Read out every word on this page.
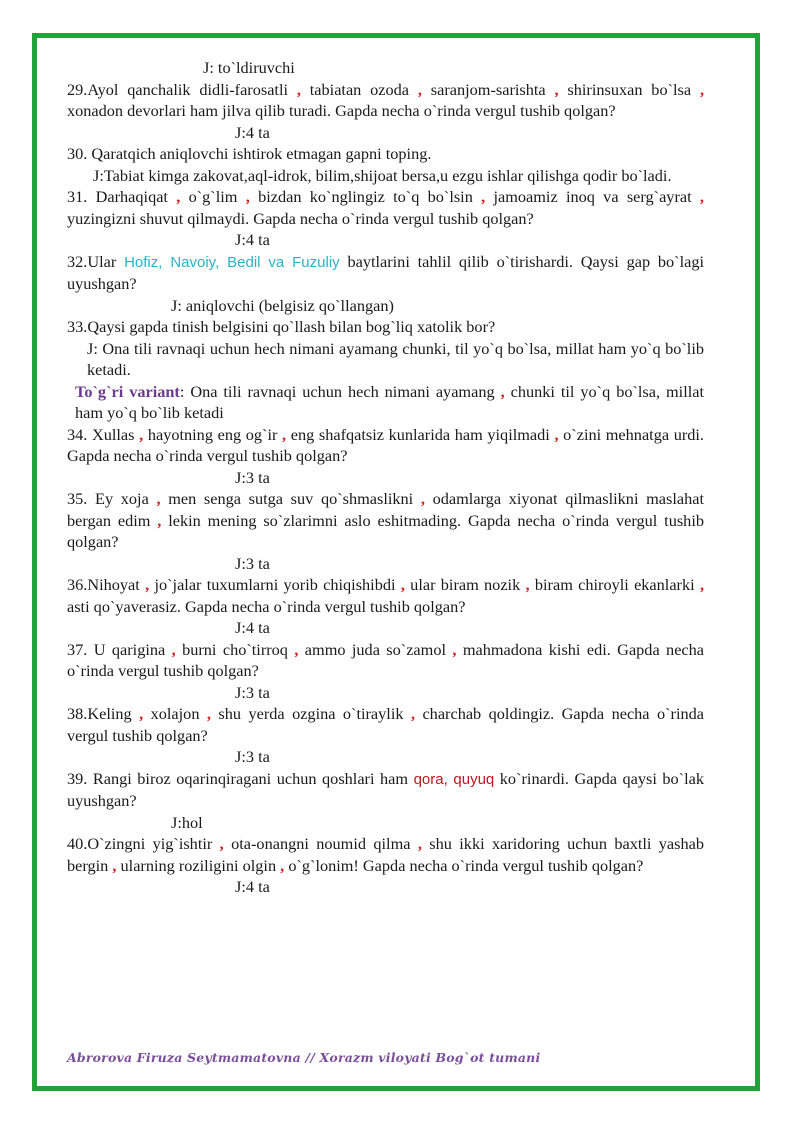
J: to`ldiruvchi

29.Ayol qanchalik didli-farosatli , tabiatan ozoda , saranjom-sarishta , shirinsuxan bo`lsa , xonadon devorlari ham jilva qilib turadi. Gapda necha o`rinda vergul tushib qolgan?

J:4 ta

30. Qaratqich aniqlovchi ishtirok etmagan gapni toping.

J:Tabiat kimga zakovat,aql-idrok, bilim,shijoat bersa,u ezgu ishlar qilishga qodir bo`ladi.

31. Darhaqiqat , o`g`lim , bizdan ko`nglingiz to`q bo`lsin , jamoamiz inoq va serg`ayrat , yuzingizni shuvut qilmaydi. Gapda necha o`rinda vergul tushib qolgan?

J:4 ta

32.Ular Hofiz, Navoiy, Bedil va Fuzuliy baytlarini tahlil qilib o`tirishardi. Qaysi gap bo`lagi uyushgan?

J: aniqlovchi (belgisiz qo`llangan)

33.Qaysi gapda tinish belgisini qo`llash bilan bog`liq xatolik bor?

J: Ona tili ravnaqi uchun hech nimani ayamang chunki, til yo`q bo`lsa, millat ham yo`q bo`lib ketadi.

To`g`ri variant: Ona tili ravnaqi uchun hech nimani ayamang , chunki til yo`q bo`lsa, millat ham yo`q bo`lib ketadi

34. Xullas , hayotning eng og`ir , eng shafqatsiz kunlarida ham yiqilmadi , o`zini mehnatga urdi. Gapda necha o`rinda vergul tushib qolgan?

J:3 ta

35. Ey xoja , men senga sutga suv qo`shmaslikni , odamlarga xiyonat qilmaslikni maslahat bergan edim , lekin mening so`zlarimni aslo eshitmading. Gapda necha o`rinda vergul tushib qolgan?

J:3 ta

36.Nihoyat , jo`jalar tuxumlarni yorib chiqishibdi , ular biram nozik , biram chiroyli ekanlarki , asti qo`yaverasiz. Gapda necha o`rinda vergul tushib qolgan?

J:4 ta

37. U qarigina , burni cho`tirroq , ammo juda so`zamol , mahmadona kishi edi. Gapda necha o`rinda vergul tushib qolgan?

J:3 ta

38.Keling , xolajon , shu yerda ozgina o`tiraylik , charchab qoldingiz. Gapda necha o`rinda vergul tushib qolgan?

J:3 ta

39. Rangi biroz oqarinqiragani uchun qoshlari ham qora, quyuq ko`rinardi. Gapda qaysi bo`lak uyushgan?

J:hol

40.O`zingni yig`ishtir , ota-onangni noumid qilma , shu ikki xaridoring uchun baxtli yashab bergin , ularning roziligini olgin , o`g`lonim! Gapda necha o`rinda vergul tushib qolgan?

J:4 ta
Abrorova Firuza Seytmamatovna // Xorazm viloyati Bog`ot tumani
